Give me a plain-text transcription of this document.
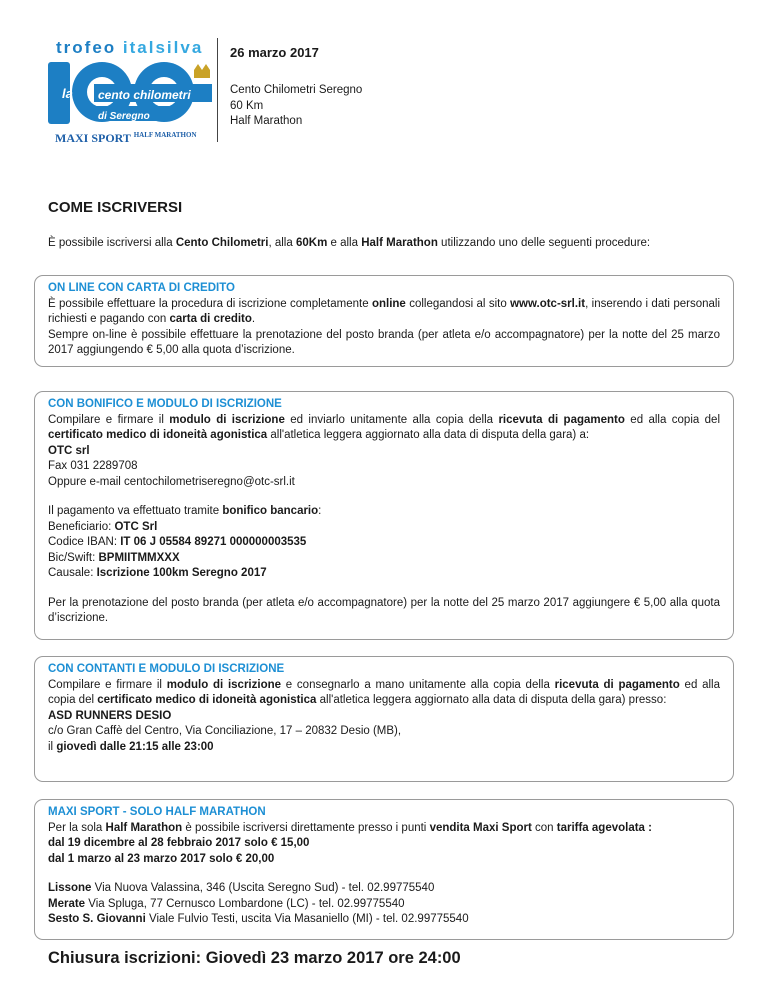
trofeo italsilva
la cento chilometri
di Seregno
MAXI SPORT $^{HALF MARATHON}$
26 marzo 2017
Cento Chilometri Seregno
60 Km
Half Marathon
COME ISCRIVERSI
È possibile iscriversi alla Cento Chilometri, alla 60Km e alla Half Marathon utilizzando uno delle seguenti procedure:
ON LINE CON CARTA DI CREDITO
È possibile effettuare la procedura di iscrizione completamente online collegandosi al sito www.otc-srl.it, inserendo i dati personali richiesti e pagando con carta di credito.
Sempre on-line è possibile effettuare la prenotazione del posto branda (per atleta e/o accompagnatore) per la notte del 25 marzo 2017 aggiungendo € 5,00 alla quota d’iscrizione.
CON BONIFICO E MODULO DI ISCRIZIONE
Compilare e firmare il modulo di iscrizione ed inviarlo unitamente alla copia della ricevuta di pagamento ed alla copia del certificato medico di idoneità agonistica all'atletica leggera aggiornato alla data di disputa della gara) a:
OTC srl
Fax 031 2289708
Oppure e-mail centochilometriseregno@otc-srl.it
Il pagamento va effettuato tramite bonifico bancario:
Beneficiario: OTC Srl
Codice IBAN: IT 06 J 05584 89271 000000003535
Bic/Swift: BPMIITMMXXX
Causale: Iscrizione 100km Seregno 2017
Per la prenotazione del posto branda (per atleta e/o accompagnatore) per la notte del 25 marzo 2017 aggiungere € 5,00 alla quota d’iscrizione.
CON CONTANTI E MODULO DI ISCRIZIONE
Compilare e firmare il modulo di iscrizione e consegnarlo a mano unitamente alla copia della ricevuta di pagamento ed alla copia del certificato medico di idoneità agonistica all'atletica leggera aggiornato alla data di disputa della gara) presso:
ASD RUNNERS DESIO
c/o Gran Caffè del Centro, Via Conciliazione, 17 – 20832 Desio (MB),
il giovedì dalle 21:15 alle 23:00
MAXI SPORT - SOLO HALF MARATHON
Per la sola Half Marathon è possibile iscriversi direttamente presso i punti vendita Maxi Sport con tariffa agevolata :
dal 19 dicembre al 28 febbraio 2017 solo € 15,00
dal 1 marzo al 23 marzo 2017 solo € 20,00
Lissone Via Nuova Valassina, 346 (Uscita Seregno Sud) - tel. 02.99775540
Merate Via Spluga, 77 Cernusco Lombardone (LC) - tel. 02.99775540
Sesto S. Giovanni Viale Fulvio Testi, uscita Via Masaniello (MI) - tel. 02.99775540
Chiusura iscrizioni: Giovedì 23 marzo 2017 ore 24:00
